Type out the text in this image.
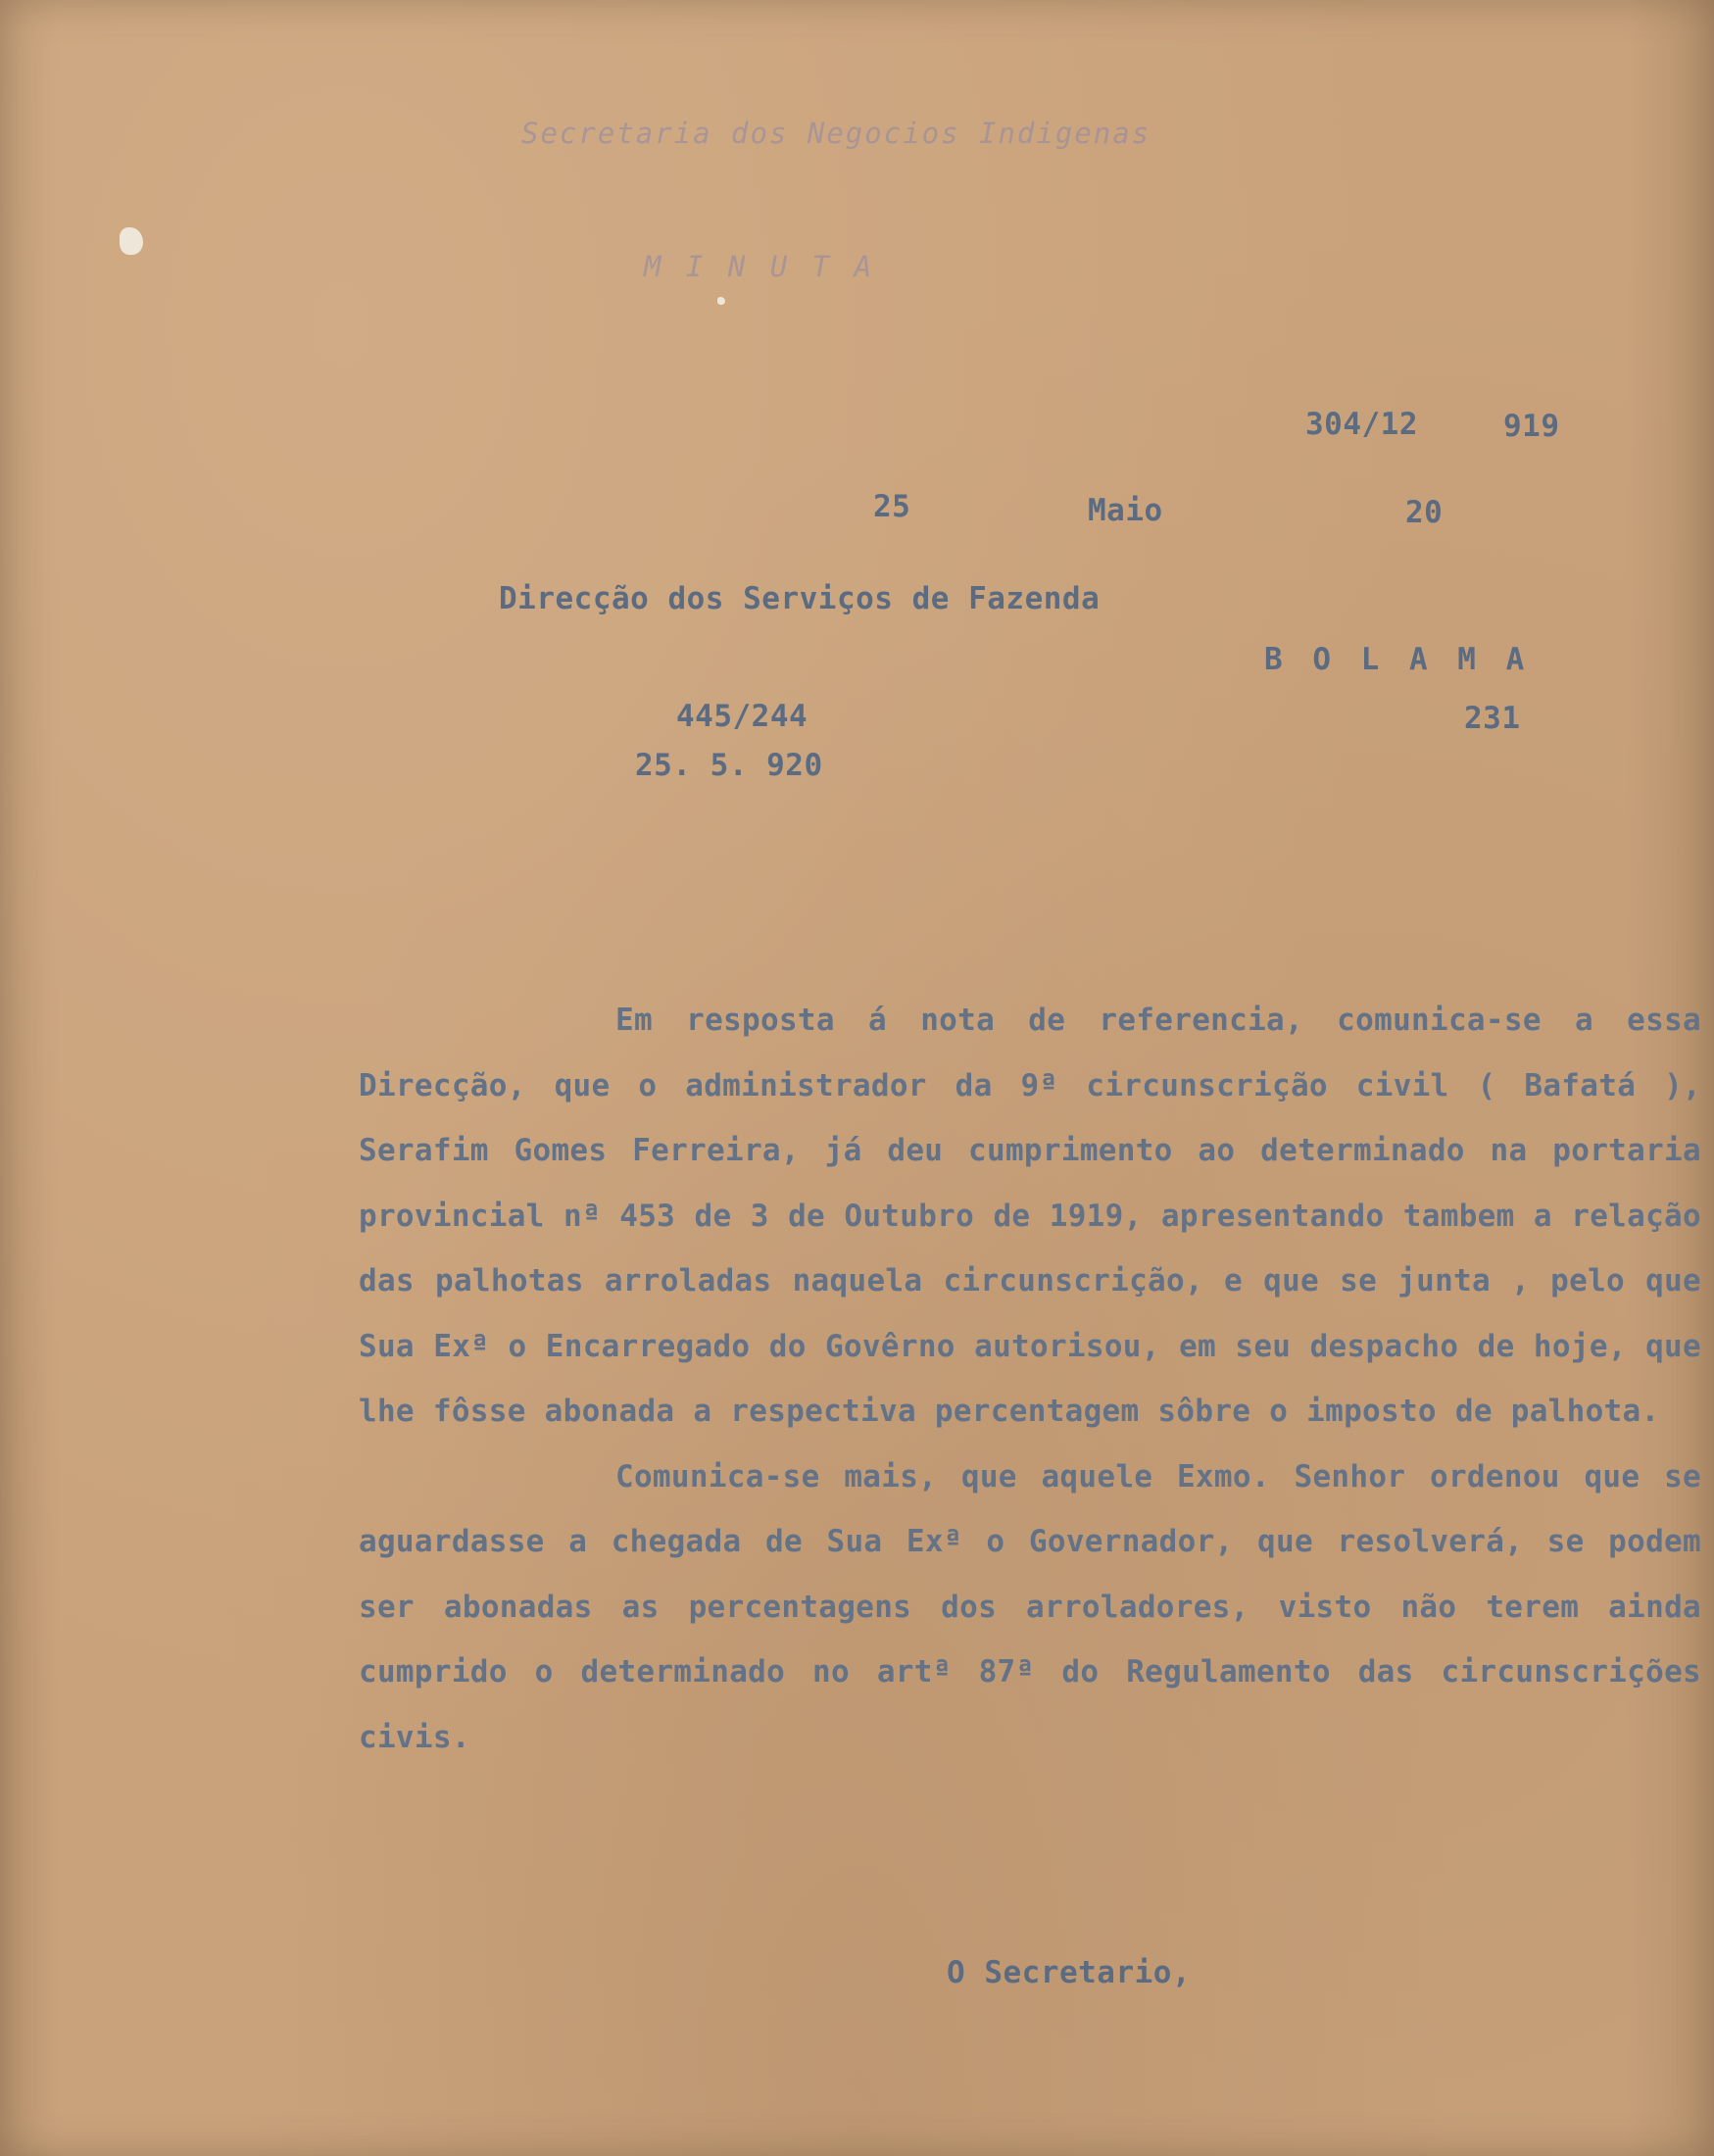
Secretaria dos Negocios Indigenas
M I N U T A
304/12	919
25	Maio	20
Direcção dos Serviços de Fazenda
B O L A M A
445/244	231
25. 5. 920

Em resposta á nota de referencia, comunica-se a essa Direcção, que o administrador da 9ª circunscrição civil ( Bafatá ), Serafim Gomes Ferreira, já deu cumprimento ao determinado na portaria provincial nª 453 de 3 de Outubro de 1919, apresentando tambem a relação das palhotas arroladas naquela circunscrição, e que se junta , pelo que Sua Exª o Encarregado do Govêrno autorisou, em seu despacho de hoje, que lhe fôsse abonada a respectiva percentagem sôbre o imposto de palhota.

Comunica-se mais, que aquele Exmo. Senhor ordenou que se aguardasse a chegada de Sua Exª o Governador, que resolverá, se podem ser abonadas as percentagens dos arroladores, visto não terem ainda cumprido o determinado no artª 87ª do Regulamento das circunscrições civis.

O Secretario,
